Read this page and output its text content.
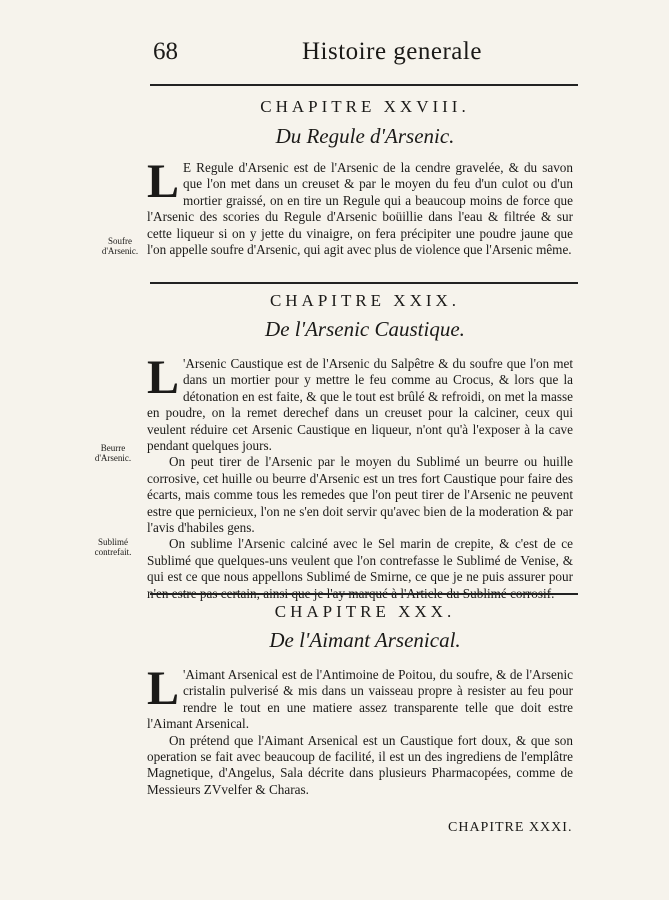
68	Histoire generale
CHAPITRE XXVIII.
Du Regule d'Arsenic.
L E Regule d'Arsenic est de l'Arsenic de la cendre gravelée, & du savon que l'on met dans un creuset & par le moyen du feu d'un culot ou d'un mortier graissé, on en tire un Regule qui a beaucoup moins de force que l'Arsenic des scories du Regule d'Arsenic boüillie dans l'eau & filtrée & sur cette liqueur si on y jette du vinaigre, on fera précipiter une poudre jaune que l'on appelle soufre d'Arsenic, qui agit avec plus de violence que l'Arsenic même.

Soufre d'Arsenic.
CHAPITRE XXIX.
De l'Arsenic Caustique.
L 'Arsenic Caustique est de l'Arsenic du Salpêtre & du soufre que l'on met dans un mortier pour y mettre le feu comme au Crocus, & lors que la détonation en est faite, & que le tout est brûlé & refroidi, on met la masse en poudre, on la remet derechef dans un creuset pour la calciner, ceux qui veulent réduire cet Arsenic Caustique en liqueur, n'ont qu'à l'exposer à la cave pendant quelques jours.

On peut tirer de l'Arsenic par le moyen du Sublimé un beurre ou huille corrosive, cet huille ou beurre d'Arsenic est un tres fort Caustique pour faire des écarts, mais comme tous les remedes que l'on peut tirer de l'Arsenic ne peuvent estre que pernicieux, l'on ne s'en doit servir qu'avec bien de la moderation & par l'avis d'habiles gens.

On sublime l'Arsenic calciné avec le Sel marin de crepite, & c'est de ce Sublimé que quelques-uns veulent que l'on contrefasse le Sublimé de Venise, & qui est ce que nous appellons Sublimé de Smirne, ce que je ne puis assurer pour n'en estre pas certain, ainsi que je l'ay marqué à l'Article du Sublimé corrosif.

Beurre d'Arsenic.
Sublimé contrefait.
CHAPITRE XXX.
De l'Aimant Arsenical.
L 'Aimant Arsenical est de l'Antimoine de Poitou, du soufre, & de l'Arsenic cristalin pulverisé & mis dans un vaisseau propre à resister au feu pour rendre le tout en une matiere assez transparente telle que doit estre l'Aimant Arsenical.

On prétend que l'Aimant Arsenical est un Caustique fort doux, & que son operation se fait avec beaucoup de facilité, il est un des ingrediens de l'emplâtre Magnetique, d'Angelus, Sala décrite dans plusieurs Pharmacopées, comme de Messieurs ZVvelfer & Charas.

CHAPITRE XXXI.
